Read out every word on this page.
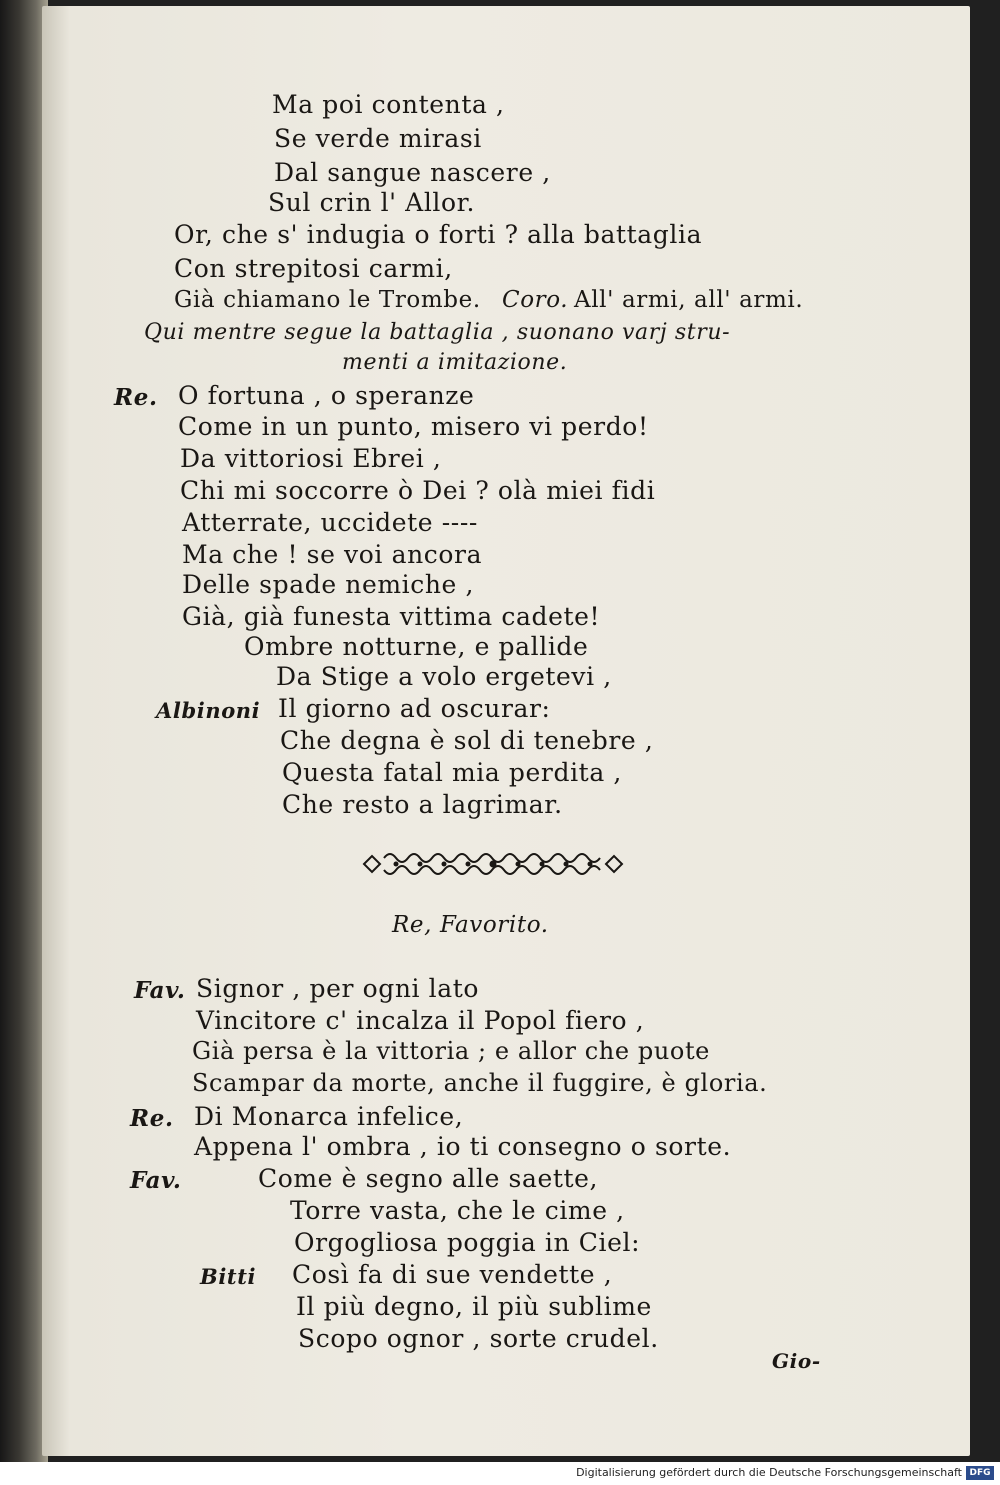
Ma poi contenta ,
Se verde mirasi
Dal sangue nascere ,
Sul crin l' Allor.
Or, che s' indugia o forti ? alla battaglia
Con strepitosi carmi,
Già chiamano le Trombe. Coro. All' armi, all' armi.
Qui mentre segue la battaglia , suonano varj stru-
menti a imitazione.
Re. O fortuna , o speranze
Come in un punto, misero vi perdo!
Da vittoriosi Ebrei ,
Chi mi soccorre ò Dei ? olà miei fidi
Atterrate, uccidete ----
Ma che ! se voi ancora
Delle spade nemiche ,
Già, già funesta vittima cadete!
Ombre notturne, e pallide
Da Stige a volo ergetevi ,
Albinoni Il giorno ad oscurar:
Che degna è sol di tenebre ,
Questa fatal mia perdita ,
Che resto a lagrimar.
Re, Favorito.
Fav. Signor , per ogni lato
Vincitore c' incalza il Popol fiero ,
Già persa è la vittoria ; e allor che puote
Scampar da morte, anche il fuggire, è gloria.
Re. Di Monarca infelice,
Appena l' ombra , io ti consegno o sorte.
Fav.	Come è segno alle saette,
Torre vasta, che le cime ,
Orgogliosa poggia in Ciel:
Bitti Così fa di sue vendette ,
Il più degno, il più sublime
Scopo ognor , sorte crudel.
Gio-
Digitalisierung gefördert durch die Deutsche Forschungsgemeinschaft DFG
